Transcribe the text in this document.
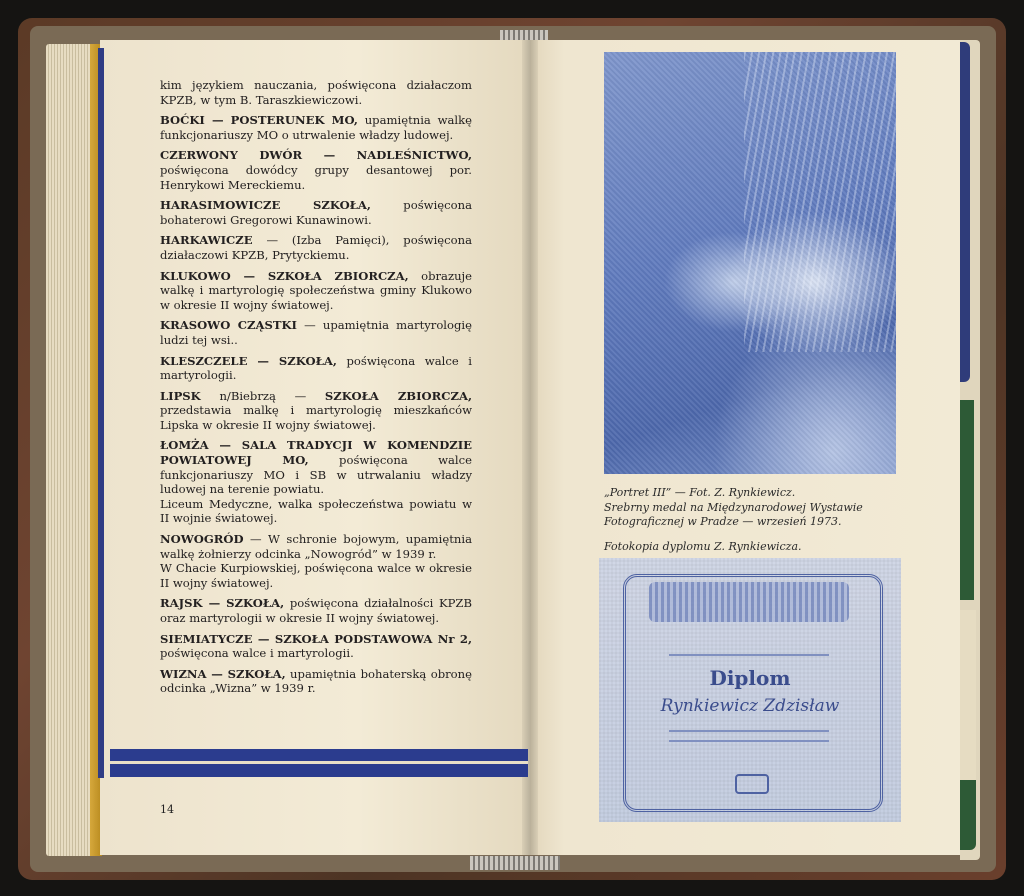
kim językiem nauczania, poświęcona działaczom KPZB, w tym B. Taraszkiewiczowi.

BOĆKI — POSTERUNEK MO, upamiętnia walkę funkcjonariuszy MO o utrwalenie władzy ludowej.

CZERWONY DWÓR — NADLEŚNICTWO, poświęcona dowódcy grupy desantowej por. Henrykowi Mereckiemu.

HARASIMOWICZE SZKOŁA, poświęcona bohaterowi Gregorowi Kunawinowi.

HARKAWICZE — (Izba Pamięci), poświęcona działaczowi KPZB, Prytyckiemu.

KLUKOWO — SZKOŁA ZBIORCZA, obrazuje walkę i martyrologię społeczeństwa gminy Klukowo w okresie II wojny światowej.

KRASOWO CZĄSTKI — upamiętnia martyrologię ludzi tej wsi..

KLESZCZELE — SZKOŁA, poświęcona walce i martyrologii.

LIPSK n/Biebrzą — SZKOŁA ZBIORCZA, przedstawia malkę i martyrologię mieszkańców Lipska w okresie II wojny światowej.

ŁOMŻA — SALA TRADYCJI W KOMENDZIE POWIATOWEJ MO, poświęcona walce funkcjonariuszy MO i SB w utrwalaniu władzy ludowej na terenie powiatu.

Liceum Medyczne, walka społeczeństwa powiatu w II wojnie światowej.

NOWOGRÓD — W schronie bojowym, upamiętnia walkę żołnierzy odcinka „Nowogród” w 1939 r.

W Chacie Kurpiowskiej, poświęcona walce w okresie II wojny światowej.

RAJSK — SZKOŁA, poświęcona działalności KPZB oraz martyrologii w okresie II wojny światowej.

SIEMIATYCZE — SZKOŁA PODSTAWOWA Nr 2, poświęcona walce i martyrologii.

WIZNA — SZKOŁA, upamiętnia bohaterską obronę odcinka „Wizna” w 1939 r.

14

„Portret III” — Fot. Z. Rynkiewicz.

Srebrny medal na Międzynarodowej Wystawie Fotograficznej w Pradze — wrzesień 1973.

Fotokopia dyplomu Z. Rynkiewicza.

Diplom
Rynkiewicz Zdzisław
